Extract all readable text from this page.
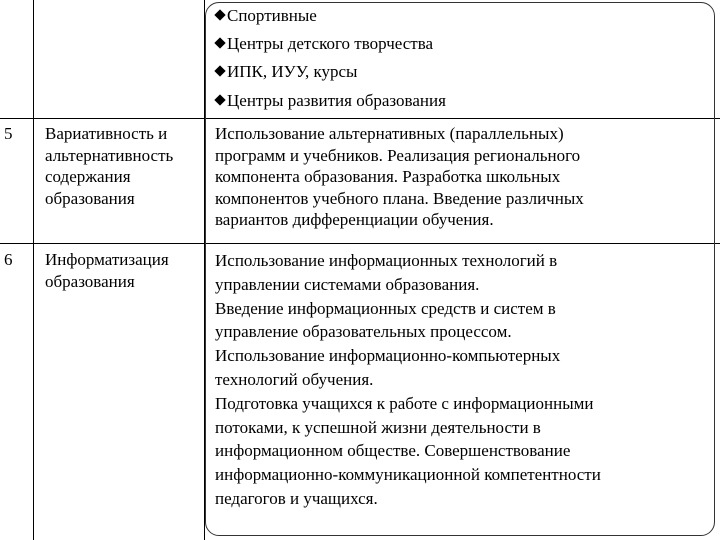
Спортивные
Центры детского творчества
ИПК, ИУУ, курсы
Центры развития образования
5 Вариативность и
альтернативность
содержания
образования
Использование альтернативных (параллельных)
программ и учебников. Реализация регионального
компонента образования. Разработка школьных
компонентов учебного плана. Введение различных
вариантов дифференциации обучения.
6 Информатизация
образования
Использование информационных технологий в
управлении системами образования.
Введение информационных средств и систем в
управление образовательных процессом.
Использование информационно-компьютерных
технологий обучения.
Подготовка учащихся к работе с информационными
потоками, к успешной жизни деятельности в
информационном обществе. Совершенствование
информационно-коммуникационной компетентности
педагогов и учащихся.
